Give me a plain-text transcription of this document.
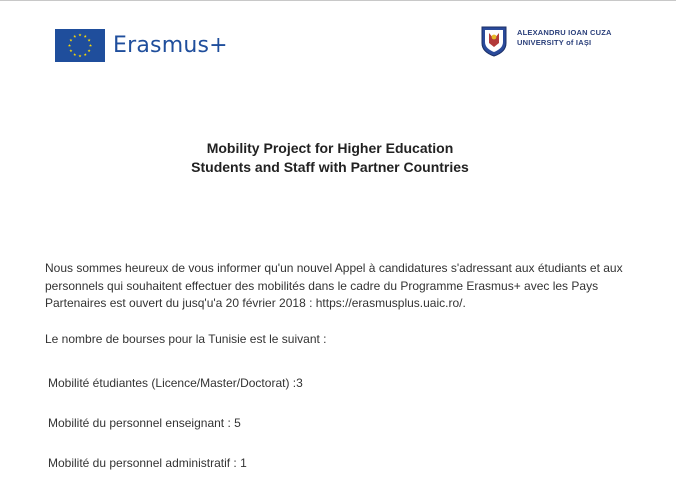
Erasmus+
ALEXANDRU IOAN CUZA
UNIVERSITY of IAȘI
Mobility Project for Higher Education
Students and Staff with Partner Countries

Nous sommes heureux de vous informer qu'un nouvel Appel à candidatures s'adressant aux étudiants et aux personnels qui souhaitent effectuer des mobilités dans le cadre du Programme Erasmus+ avec les Pays Partenaires est ouvert du jusq'u'a 20 février 2018 : https://erasmusplus.uaic.ro/.

Le nombre de bourses pour la Tunisie est le suivant :

Mobilité étudiantes (Licence/Master/Doctorat) :3
Mobilité du personnel enseignant : 5
Mobilité du personnel administratif : 1
